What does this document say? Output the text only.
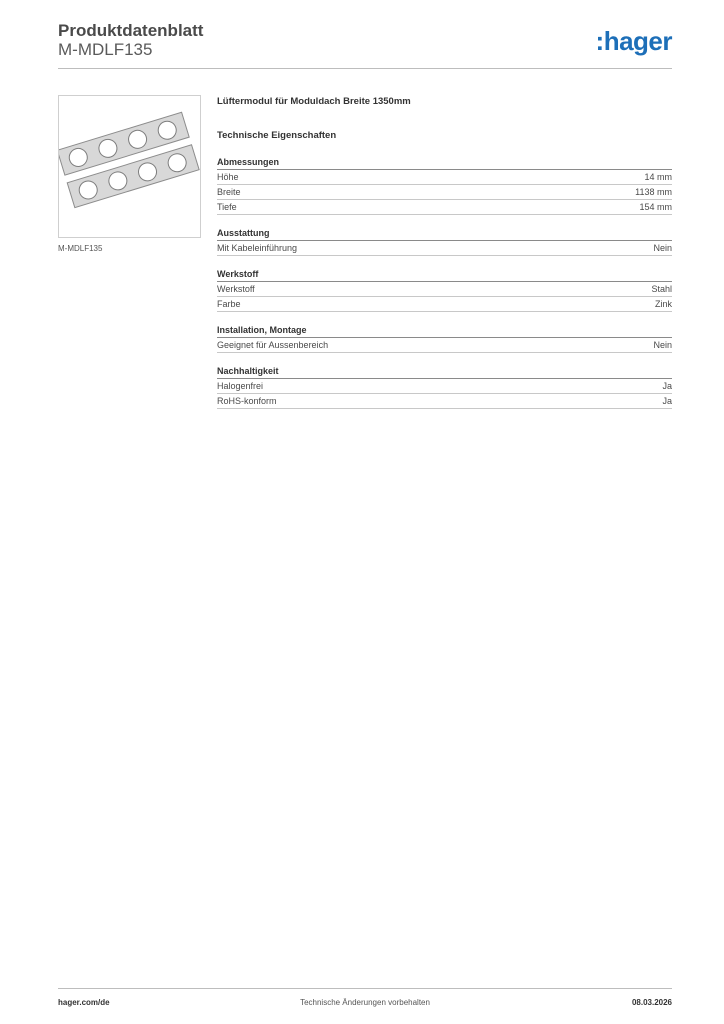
Produktdatenblatt
M-MDLF135	:hager
M-MDLF135
Lüftermodul für Moduldach Breite 1350mm
Technische Eigenschaften
Abmessungen
Höhe	14 mm
Breite	1138 mm
Tiefe	154 mm
Ausstattung
Mit Kabeleinführung	Nein
Werkstoff
Werkstoff	Stahl
Farbe	Zink
Installation, Montage
Geeignet für Aussenbereich	Nein
Nachhaltigkeit
Halogenfrei	Ja
RoHS-konform	Ja
hager.com/de	Technische Änderungen vorbehalten	08.03.2026
